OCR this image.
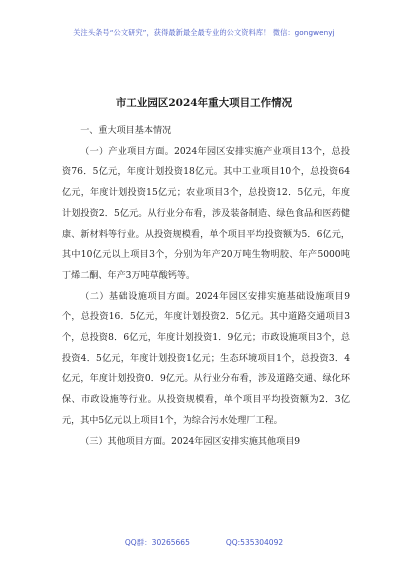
关注头条号“公文研究”，获得最新最全最专业的公文资料库！ 微信：gongwenyj
市工业园区2024年重大项目工作情况

一、重大项目基本情况

（一）产业项目方面。2024年园区安排实施产业项目13个，总投资76．5亿元，年度计划投资18亿元。其中工业项目10个，总投资64亿元，年度计划投资15亿元；农业项目3个，总投资12．5亿元，年度计划投资2．5亿元。从行业分布看，涉及装备制造、绿色食品和医药健康、新材料等行业。从投资规模看，单个项目平均投资额为5．6亿元，其中10亿元以上项目3个，分别为年产20万吨生物明胶、年产5000吨丁烯二酮、年产3万吨草酸钙等。

（二）基础设施项目方面。2024年园区安排实施基础设施项目9个，总投资16．5亿元，年度计划投资2．5亿元。其中道路交通项目3个，总投资8．6亿元，年度计划投资1．9亿元；市政设施项目3个，总投资4．5亿元，年度计划投资1亿元；生态环境项目1个，总投资3．4亿元，年度计划投资0．9亿元。从行业分布看，涉及道路交通、绿化环保、市政设施等行业。从投资规模看，单个项目平均投资额为2．3亿元，其中5亿元以上项目1个，为综合污水处理厂工程。

（三）其他项目方面。2024年园区安排实施其他项目9

QQ群：30265665	QQ:535304092
